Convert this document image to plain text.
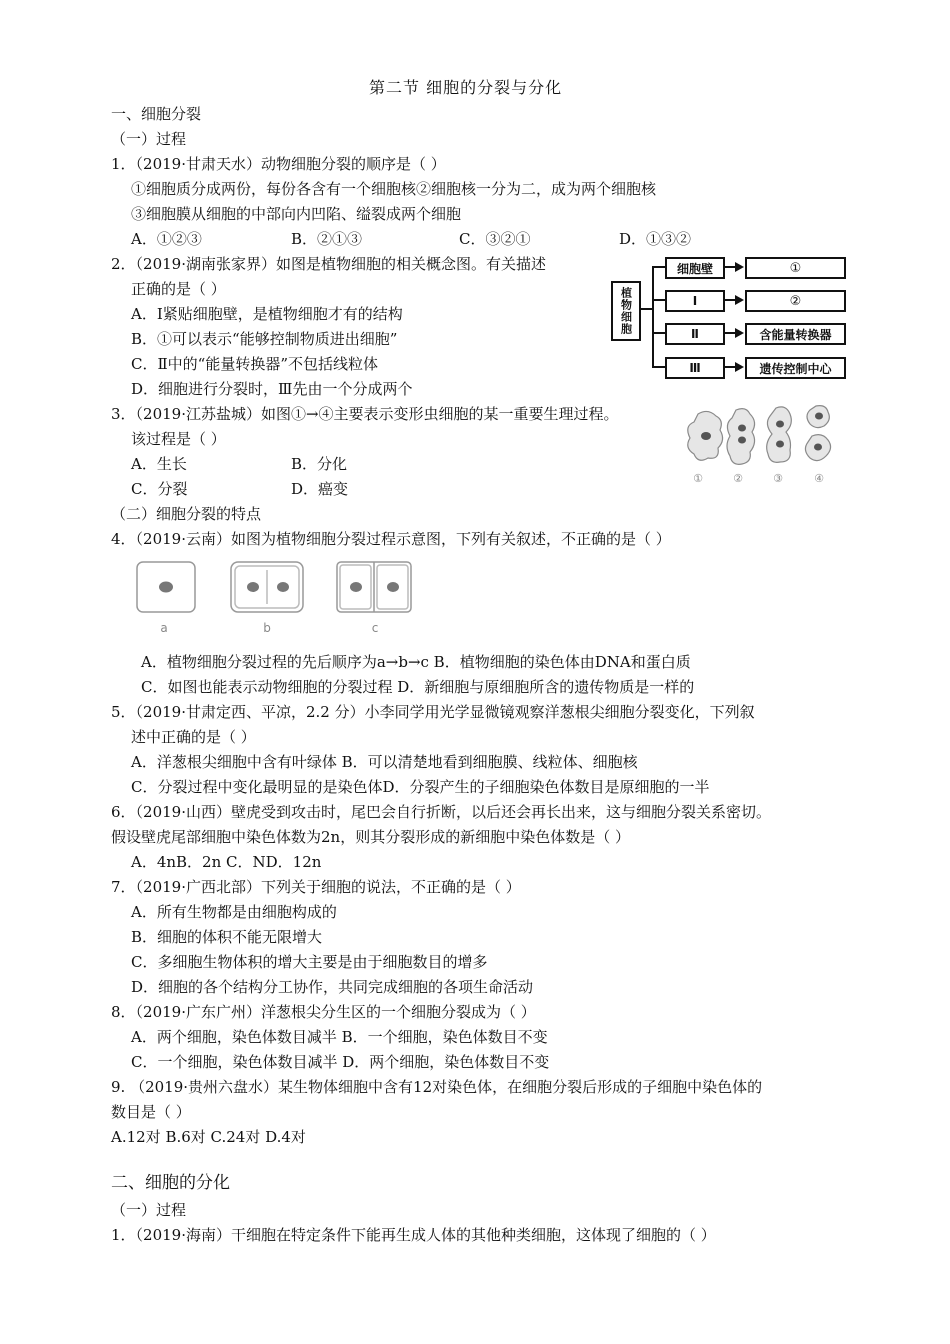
第二节 细胞的分裂与分化
一、细胞分裂
（一）过程
1．（2019·甘肃天水）动物细胞分裂的顺序是（ ）
①细胞质分成两份，每份各含有一个细胞核②细胞核一分为二，成为两个细胞核
③细胞膜从细胞的中部向内凹陷、缢裂成两个细胞
A．①②③	B．②①③	C．③②①	D．①③②
2．（2019·湖南张家界）如图是植物细胞的相关概念图。有关描述
正确的是（ ）
A．Ⅰ紧贴细胞壁，是植物细胞才有的结构
B．①可以表示“能够控制物质进出细胞”
C．Ⅱ中的“能量转换器”不包括线粒体
D．细胞进行分裂时，Ⅲ先由一个分成两个
植物细胞
细胞壁
Ⅰ
Ⅱ
Ⅲ
①
②
含能量转换器
遗传控制中心
3．（2019·江苏盐城）如图①→④主要表示变形虫细胞的某一重要生理过程。
该过程是（ ）
A．生长	B．分化
C．分裂	D．癌变
①	②	③	④
（二）细胞分裂的特点
4．（2019·云南）如图为植物细胞分裂过程示意图，下列有关叙述，不正确的是（ ）
a	b	c
A．植物细胞分裂过程的先后顺序为a→b→c B．植物细胞的染色体由DNA和蛋白质
C．如图也能表示动物细胞的分裂过程 D．新细胞与原细胞所含的遗传物质是一样的
5．（2019·甘肃定西、平凉，2.2 分）小李同学用光学显微镜观察洋葱根尖细胞分裂变化，下列叙
述中正确的是（ ）
A．洋葱根尖细胞中含有叶绿体 B．可以清楚地看到细胞膜、线粒体、细胞核
C．分裂过程中变化最明显的是染色体D．分裂产生的子细胞染色体数目是原细胞的一半
6．（2019·山西）壁虎受到攻击时，尾巴会自行折断，以后还会再长出来，这与细胞分裂关系密切。
假设壁虎尾部细胞中染色体数为2n，则其分裂形成的新细胞中染色体数是（ ）
A．4nB．2n C．ND．12n
7．（2019·广西北部）下列关于细胞的说法，不正确的是（ ）
A．所有生物都是由细胞构成的
B．细胞的体积不能无限增大
C．多细胞生物体积的增大主要是由于细胞数目的增多
D．细胞的各个结构分工协作，共同完成细胞的各项生命活动
8．（2019·广东广州）洋葱根尖分生区的一个细胞分裂成为（ ）
A．两个细胞，染色体数目减半 B．一个细胞，染色体数目不变
C．一个细胞，染色体数目减半 D．两个细胞，染色体数目不变
9. （2019·贵州六盘水）某生物体细胞中含有12对染色体，在细胞分裂后形成的子细胞中染色体的
数目是（ ）
A.12对 B.6对 C.24对 D.4对
二、细胞的分化
（一）过程
1．（2019·海南）干细胞在特定条件下能再生成人体的其他种类细胞，这体现了细胞的（ ）
